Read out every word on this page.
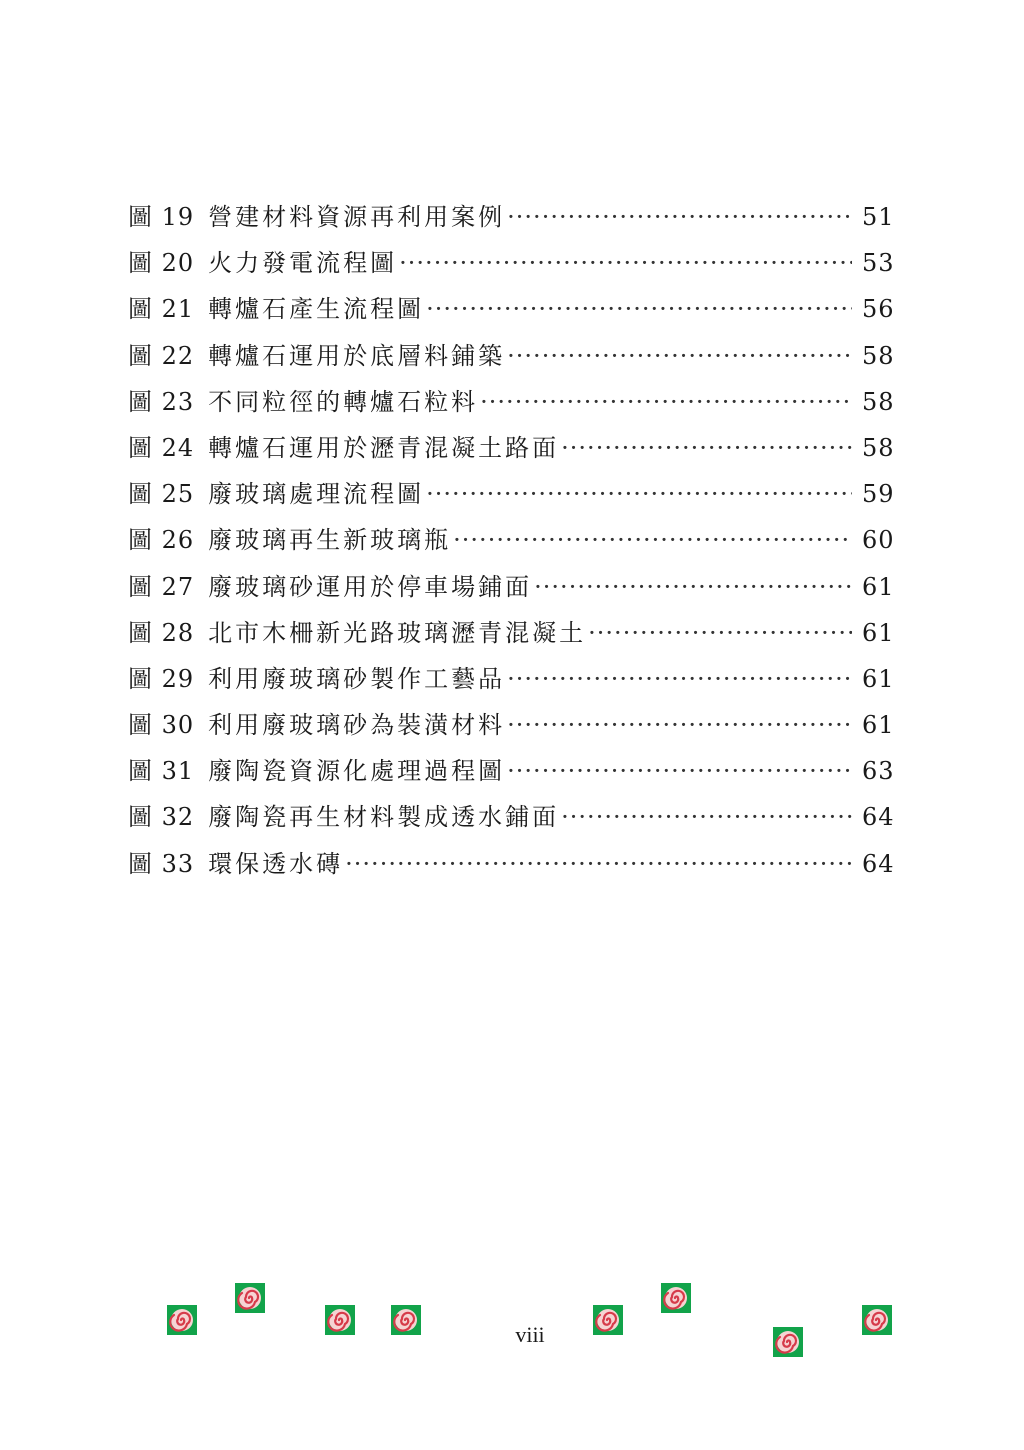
圖 19 營建材料資源再利用案例 ·····	51
圖 20 火力發電流程圖 ·····	53
圖 21 轉爐石產生流程圖 ·····	56
圖 22 轉爐石運用於底層料鋪築 ·····	58
圖 23 不同粒徑的轉爐石粒料 ·····	58
圖 24 轉爐石運用於瀝青混凝土路面 ·····	58
圖 25 廢玻璃處理流程圖 ·····	59
圖 26 廢玻璃再生新玻璃瓶 ·····	60
圖 27 廢玻璃砂運用於停車場鋪面 ·····	61
圖 28 北市木柵新光路玻璃瀝青混凝土 ·····	61
圖 29 利用廢玻璃砂製作工藝品 ·····	61
圖 30 利用廢玻璃砂為裝潢材料 ·····	61
圖 31 廢陶瓷資源化處理過程圖 ·····	63
圖 32 廢陶瓷再生材料製成透水鋪面 ·····	64
圖 33 環保透水磚 ·····	64
viii
